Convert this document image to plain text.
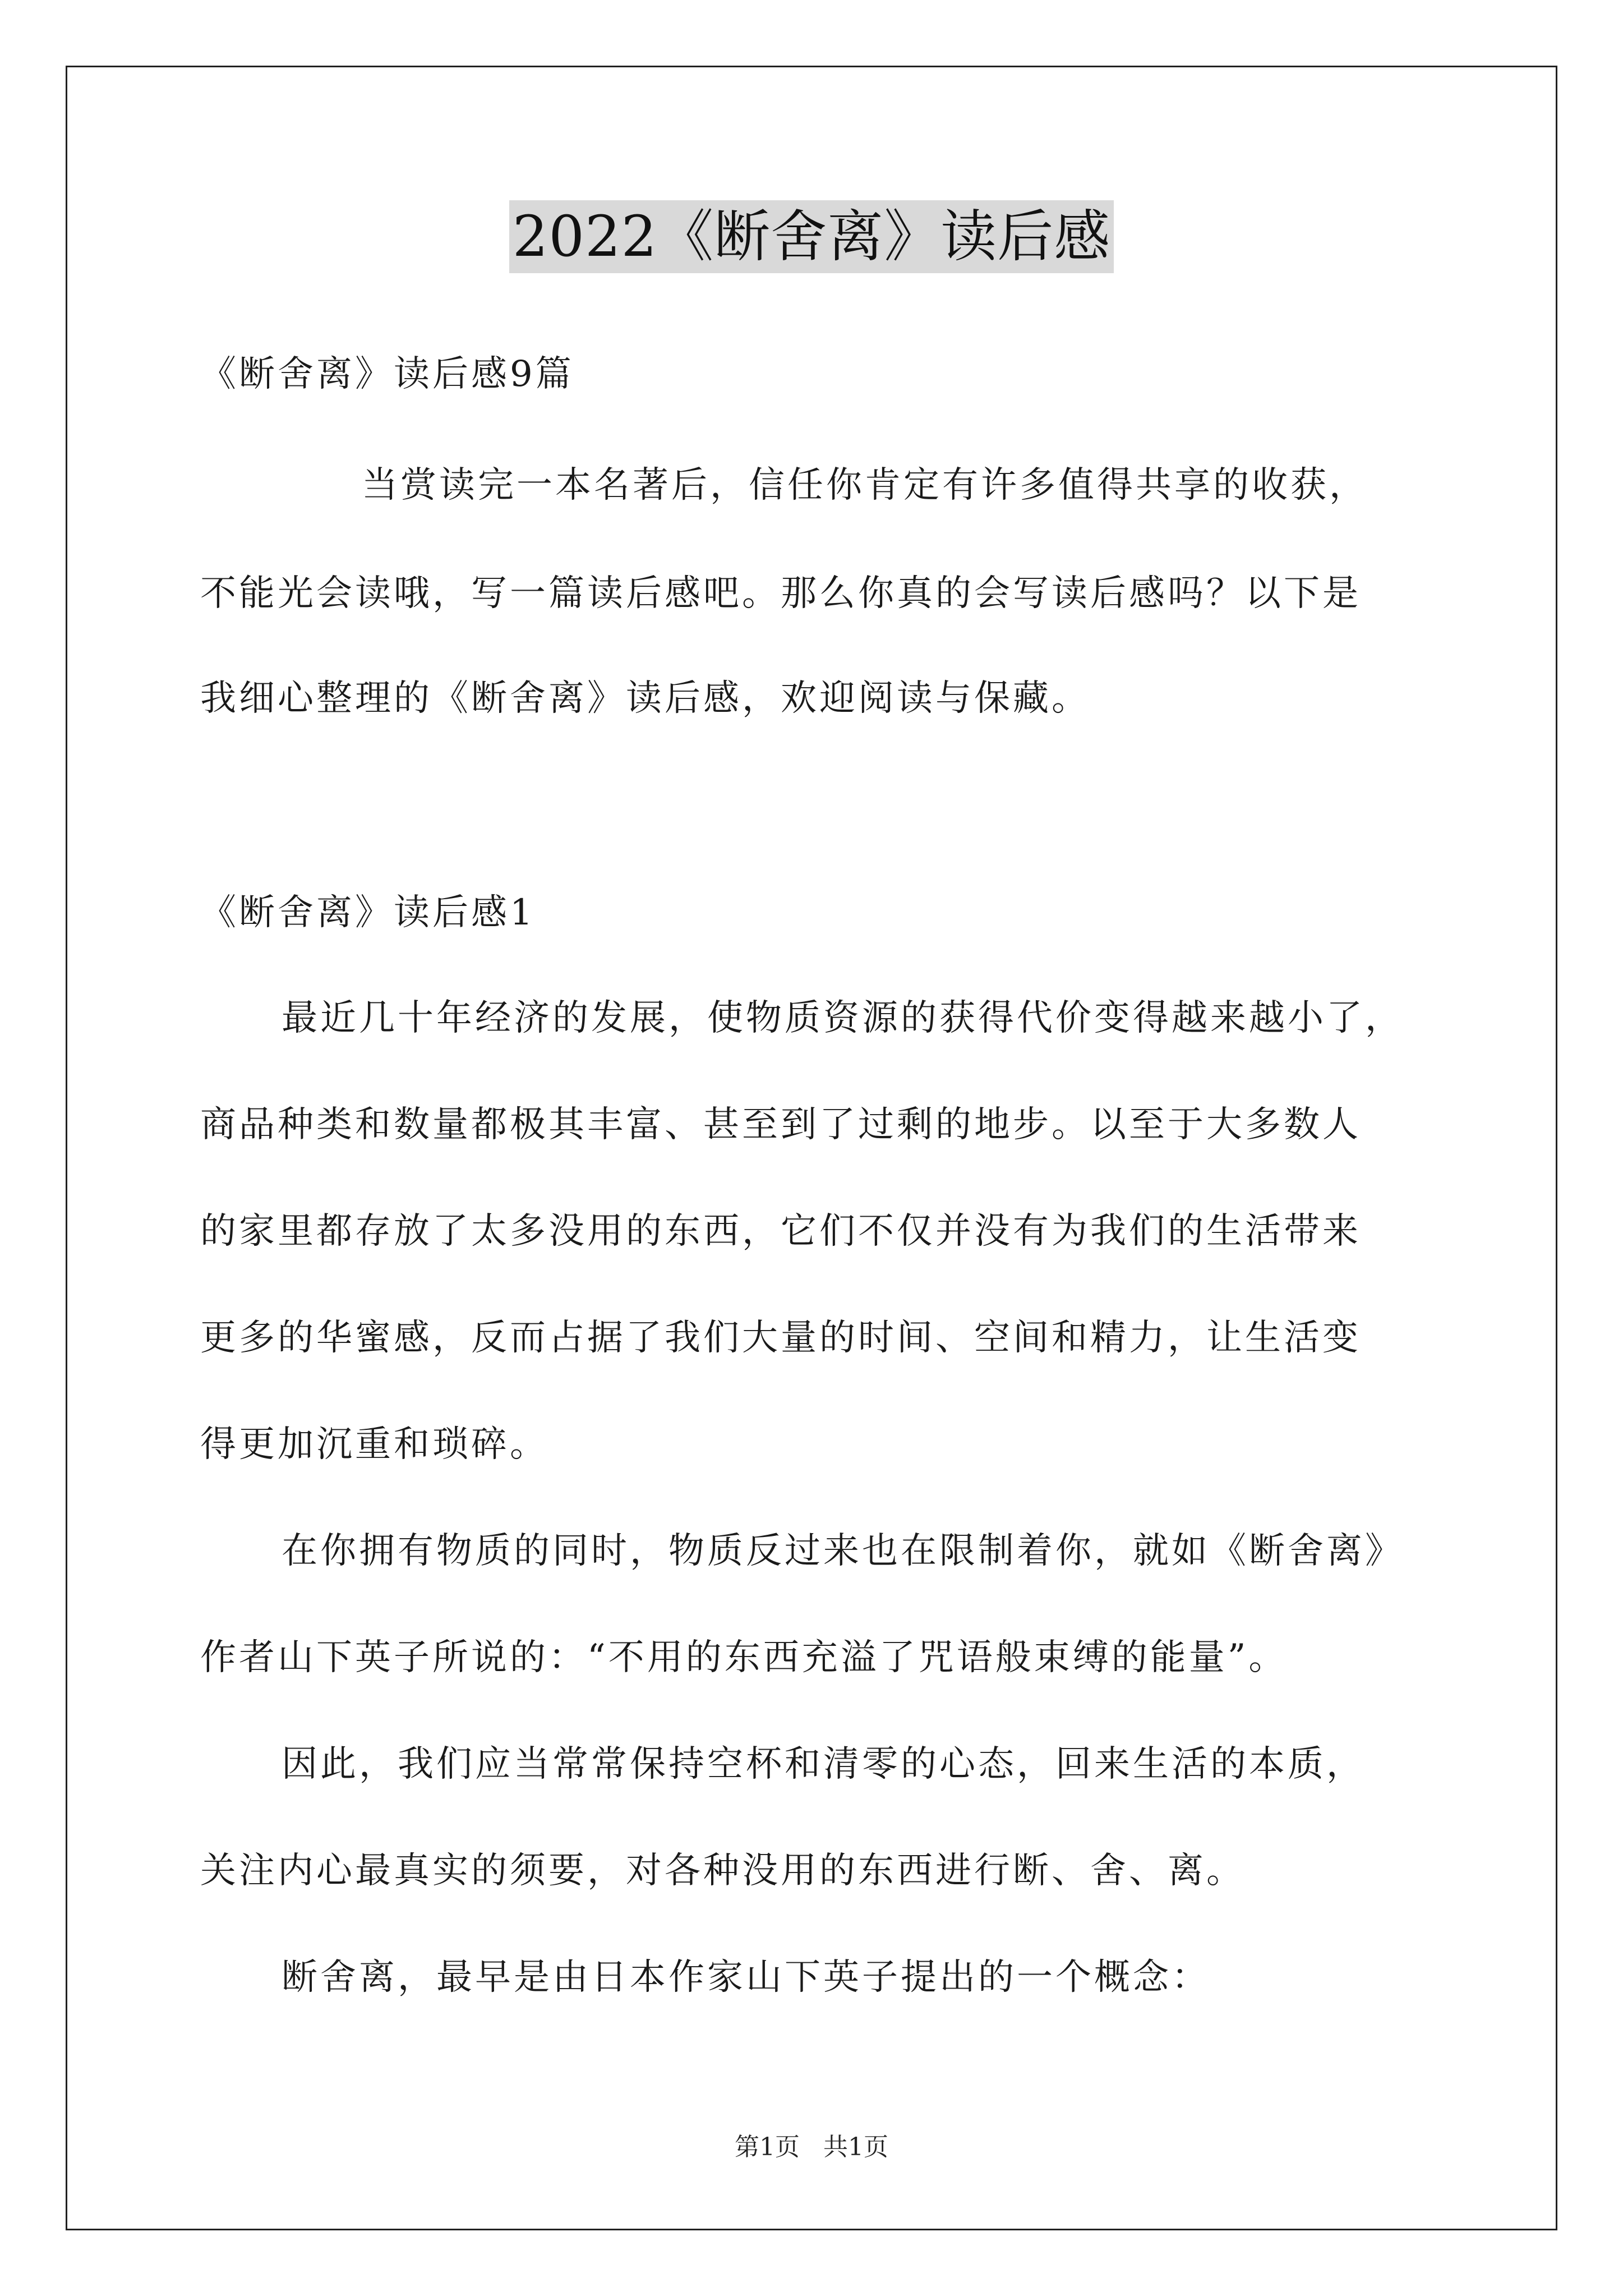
2022《断舍离》读后感
《断舍离》读后感9篇
当赏读完一本名著后，信任你肯定有许多值得共享的收获，
不能光会读哦，写一篇读后感吧。那么你真的会写读后感吗？以下是
我细心整理的《断舍离》读后感，欢迎阅读与保藏。
《断舍离》读后感1
最近几十年经济的发展，使物质资源的获得代价变得越来越小了，
商品种类和数量都极其丰富、甚至到了过剩的地步。以至于大多数人
的家里都存放了太多没用的东西，它们不仅并没有为我们的生活带来
更多的华蜜感，反而占据了我们大量的时间、空间和精力，让生活变
得更加沉重和琐碎。
在你拥有物质的同时，物质反过来也在限制着你，就如《断舍离》
作者山下英子所说的：“不用的东西充溢了咒语般束缚的能量”。
因此，我们应当常常保持空杯和清零的心态，回来生活的本质，
关注内心最真实的须要，对各种没用的东西进行断、舍、离。
断舍离，最早是由日本作家山下英子提出的一个概念：
第1页   共1页
